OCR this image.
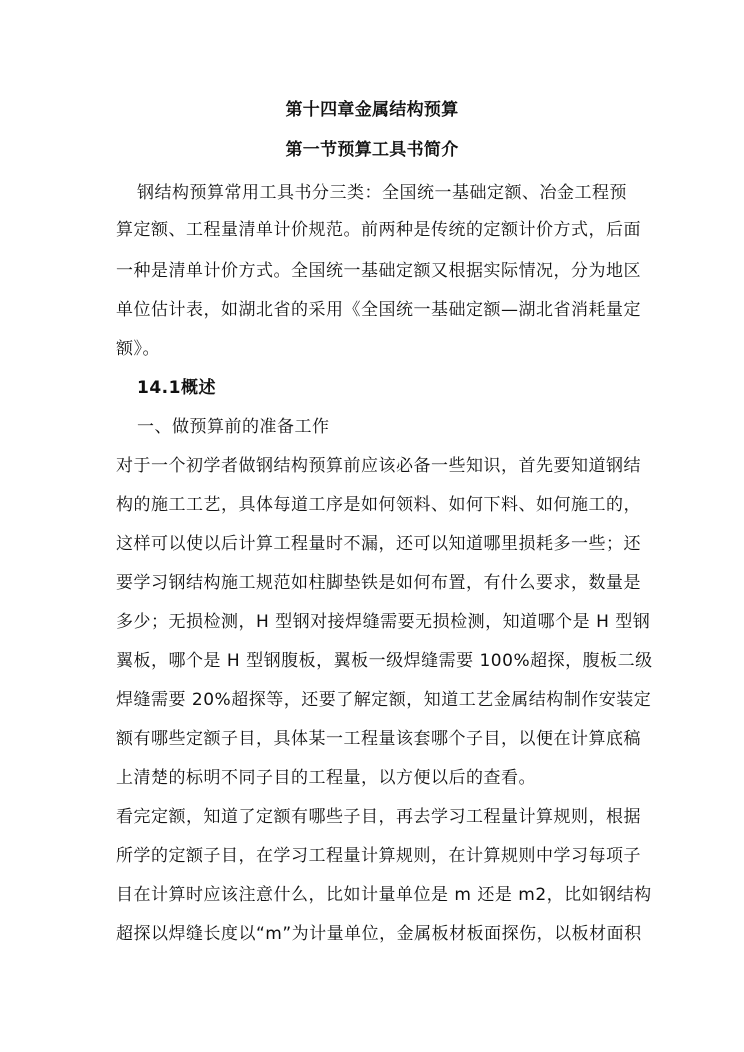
第十四章金属结构预算
第一节预算工具书简介
钢结构预算常用工具书分三类：全国统一基础定额、冶金工程预
算定额、工程量清单计价规范。前两种是传统的定额计价方式，后面
一种是清单计价方式。全国统一基础定额又根据实际情况，分为地区
单位估计表，如湖北省的采用《全国统一基础定额—湖北省消耗量定
额》。
14.1概述
一、做预算前的准备工作
对于一个初学者做钢结构预算前应该必备一些知识，首先要知道钢结
构的施工工艺，具体每道工序是如何领料、如何下料、如何施工的，
这样可以使以后计算工程量时不漏，还可以知道哪里损耗多一些；还
要学习钢结构施工规范如柱脚垫铁是如何布置，有什么要求，数量是
多少；无损检测，H 型钢对接焊缝需要无损检测，知道哪个是 H 型钢
翼板，哪个是 H 型钢腹板，翼板一级焊缝需要 100%超探，腹板二级
焊缝需要 20%超探等，还要了解定额，知道工艺金属结构制作安装定
额有哪些定额子目，具体某一工程量该套哪个子目，以便在计算底稿
上清楚的标明不同子目的工程量，以方便以后的查看。
看完定额，知道了定额有哪些子目，再去学习工程量计算规则，根据
所学的定额子目，在学习工程量计算规则，在计算规则中学习每项子
目在计算时应该注意什么，比如计量单位是 m 还是 m2，比如钢结构
超探以焊缝长度以“m”为计量单位，金属板材板面探伤，以板材面积
